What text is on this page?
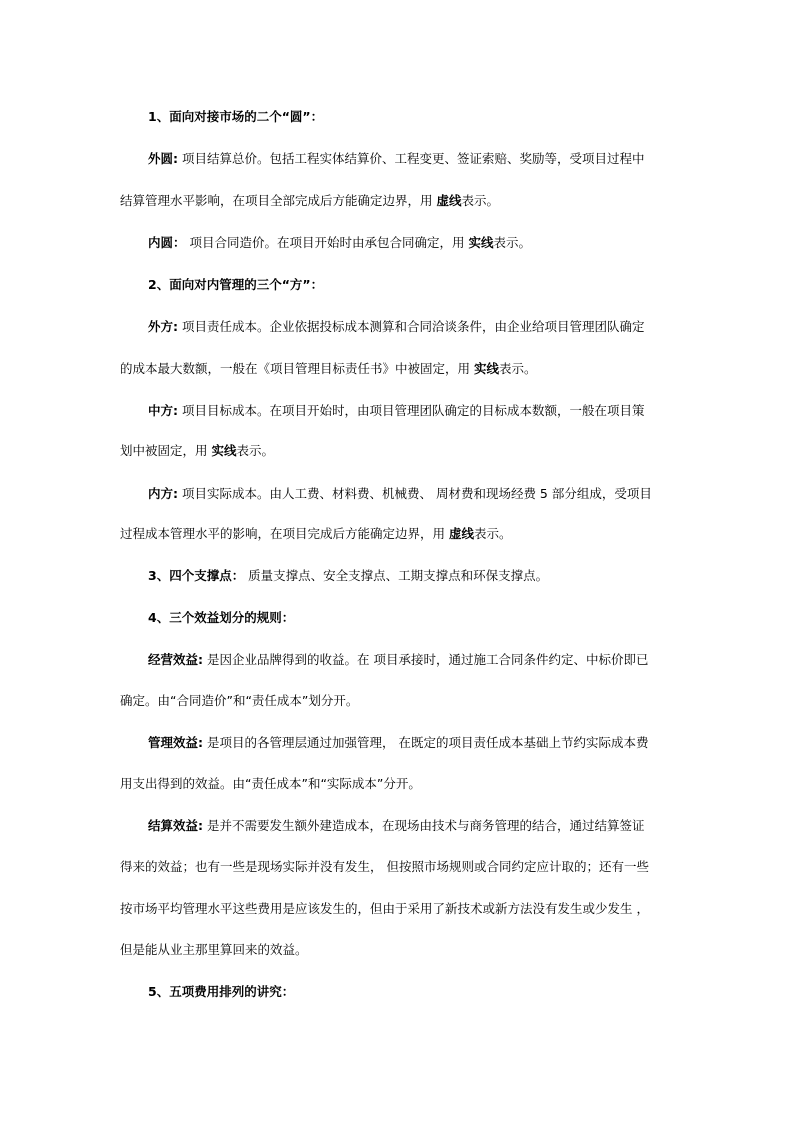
1、面向对接市场的二个“圆”：
外圆: 项目结算总价。包括工程实体结算价、工程变更、签证索赔、奖励等，受项目过程中
结算管理水平影响，在项目全部完成后方能确定边界，用 虚线表示。
内圆： 项目合同造价。在项目开始时由承包合同确定，用 实线表示。
2、面向对内管理的三个“方”：
外方: 项目责任成本。企业依据投标成本测算和合同洽谈条件，由企业给项目管理团队确定
的成本最大数额，一般在《项目管理目标责任书》中被固定，用 实线表示。
中方: 项目目标成本。在项目开始时，由项目管理团队确定的目标成本数额，一般在项目策
划中被固定，用 实线表示。
内方: 项目实际成本。由人工费、材料费、机械费、 周材费和现场经费 5 部分组成，受项目
过程成本管理水平的影响，在项目完成后方能确定边界，用 虚线表示。
3、四个支撑点： 质量支撑点、安全支撑点、工期支撑点和环保支撑点。
4、三个效益划分的规则：
经营效益: 是因企业品牌得到的收益。在 项目承接时，通过施工合同条件约定、中标价即已
确定。由“合同造价”和“责任成本”划分开。
管理效益: 是项目的各管理层通过加强管理， 在既定的项目责任成本基础上节约实际成本费
用支出得到的效益。由“责任成本”和“实际成本”分开。
结算效益: 是并不需要发生额外建造成本，在现场由技术与商务管理的结合，通过结算签证
得来的效益；也有一些是现场实际并没有发生， 但按照市场规则或合同约定应计取的；还有一些
按市场平均管理水平这些费用是应该发生的，但由于采用了新技术或新方法没有发生或少发生 ，
但是能从业主那里算回来的效益。
5、五项费用排列的讲究：
